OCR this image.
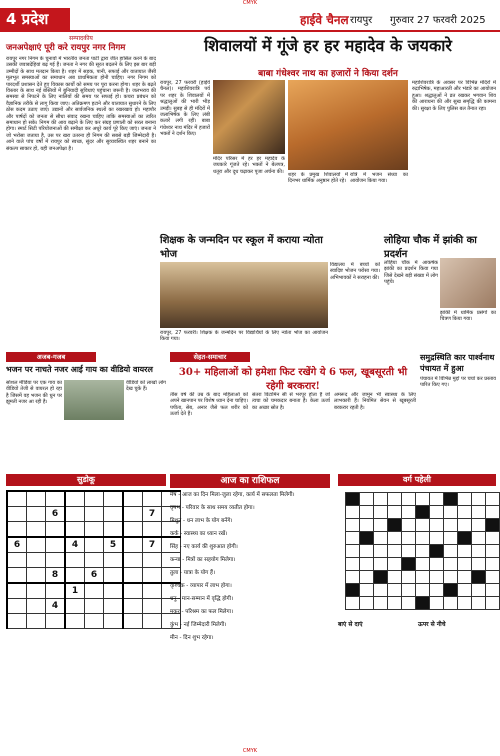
CMYK
4 प्रदेश	हाईवे चैनल रायपुर गुरुवार 27 फरवरी 2025
सम्पादकीय
जनअपेक्षाएं पूरी करे रायपुर नगर निगम
रायपुर नगर निगम के चुनावों में भारतीय जनता पार्टी द्वारा जीत हासिल करने के बाद उसकी जवाबदेहियां बढ़ गई हैं। जनता ने नगर की सूरत बदलने के लिए इस बार बड़ी उम्मीदों के साथ मतदान किया है। शहर में सड़क, पानी, सफाई और यातायात जैसी मूलभूत समस्याओं का समाधान अब प्राथमिकता होनी चाहिए। नगर निगम को पारदर्शी प्रशासन देते हुए विकास कार्यों को समय पर पूरा करना होगा। शहर के बढ़ते विस्तार के साथ नई बस्तियों में बुनियादी सुविधाएं पहुंचाना जरूरी है। जलभराव की समस्या से निपटने के लिए नालियों की समय पर सफाई हो। कचरा प्रबंधन को वैज्ञानिक तरीके से लागू किया जाए। अतिक्रमण हटाने और यातायात सुधारने के लिए ठोस कदम उठाए जाएं। उद्यानों और सार्वजनिक स्थलों का रखरखाव हो। महापौर और पार्षदों को जनता से सीधा संवाद रखना चाहिए ताकि समस्याओं का त्वरित समाधान हो सके। निगम की आय बढ़ाने के लिए कर संग्रह प्रणाली को सरल बनाना होगा। स्मार्ट सिटी परियोजनाओं की समीक्षा कर अधूरे कार्य पूरे किए जाएं। जनता ने जो भरोसा जताया है, उस पर खरा उतरना ही निगम की सबसे बड़ी जिम्मेदारी है। आने वाले पांच वर्षों में रायपुर को स्वच्छ, सुंदर और सुव्यवस्थित शहर बनाने का संकल्प साकार हो, यही जनअपेक्षा है।
शिवालयों में गूंजे हर हर महादेव के जयकारे
बाबा गंधेश्वर नाथ का हजारों ने किया दर्शन
रायपुर, 27 फरवरी (हाईवे चैनल)। महाशिवरात्रि पर्व पर शहर के शिवालयों में श्रद्धालुओं की भारी भीड़ उमड़ी। सुबह से ही मंदिरों में जलाभिषेक के लिए लंबी कतारें लगी रहीं। बाबा गंधेश्वर नाथ मंदिर में हजारों भक्तों ने दर्शन किए।
मंदिर परिसर में हर हर महादेव के जयकारे गूंजते रहे। भक्तों ने बेलपत्र, धतूरा और दूध चढ़ाकर पूजा अर्चना की।
शहर के प्रमुख शिवालयों में दिनभर धार्मिक अनुष्ठान होते रहे।
रात्रि में भजन संध्या का आयोजन किया गया।
महाशिवरात्रि के अवसर पर विभिन्न मंदिरों में रुद्राभिषेक, महाआरती और भंडारे का आयोजन हुआ। श्रद्धालुओं ने व्रत रखकर भगवान शिव की आराधना की और सुख समृद्धि की कामना की। सुरक्षा के लिए पुलिस बल तैनात रहा।
शिक्षक के जन्मदिन पर स्कूल में कराया न्योता भोज
रायपुर, 27 फरवरी। शिक्षक के जन्मदिन पर विद्यार्थियों के लिए न्योता भोज का आयोजन किया गया।
विद्यालय में बच्चों को स्वादिष्ट भोजन परोसा गया। अभिभावकों ने सराहना की।
लोहिया चौक में झांकी का प्रदर्शन
लोहिया चौक में आकर्षक झांकी का प्रदर्शन किया गया जिसे देखने बड़ी संख्या में लोग पहुंचे।
झांकी में धार्मिक प्रसंगों का चित्रण किया गया।
अजब-गजब
भजन पर नाचते नजर आई गाय का वीडियो वायरल
सोशल मीडिया पर एक गाय का वीडियो तेजी से वायरल हो रहा है जिसमें वह भजन की धुन पर झूमती नजर आ रही है।
वीडियो को लाखों लोग देख चुके हैं।
सेहत-समाचार
30+ महिलाओं को हमेशा फिट रखेंगे ये 6 फल, खूबसूरती भी रहेगी बरकरार!
तीस वर्ष की उम्र के बाद महिलाओं को अपने खानपान पर विशेष ध्यान देना चाहिए। पपीता, सेब, अनार जैसे फल शरीर को ऊर्जा देते हैं।
संतरा विटामिन सी से भरपूर होता है जो त्वचा को चमकदार बनाता है। केला ऊर्जा का अच्छा स्रोत है।
अमरूद और जामुन भी स्वास्थ्य के लिए लाभकारी हैं। नियमित सेवन से खूबसूरती बरकरार रहती है।
समुद्रस्थिति कार पार्श्वनाथ पंचायत में हुआ
पंचायत में विभिन्न मुद्दों पर चर्चा कर प्रस्ताव पारित किए गए।
सुडोकू

		6					7	

6			4		5		7	

		8		6				
			1					
		4						

आज का राशिफल
मेष - आज का दिन मिला-जुला रहेगा, कार्य में सफलता मिलेगी।
वृषभ - परिवार के साथ समय व्यतीत होगा।
मिथुन - धन लाभ के योग बनेंगे।
कर्क - स्वास्थ्य का ध्यान रखें।
सिंह - नए कार्य की शुरुआत होगी।
कन्या - मित्रों का सहयोग मिलेगा।
तुला - यात्रा के योग हैं।
वृश्चिक - व्यापार में लाभ होगा।
धनु - मान-सम्मान में वृद्धि होगी।
मकर - परिश्रम का फल मिलेगा।
कुंभ - नई जिम्मेदारी मिलेगी।
मीन - दिन शुभ रहेगा।
वर्ग पहेली

बाएं से दाएं	ऊपर से नीचे
CMYK
